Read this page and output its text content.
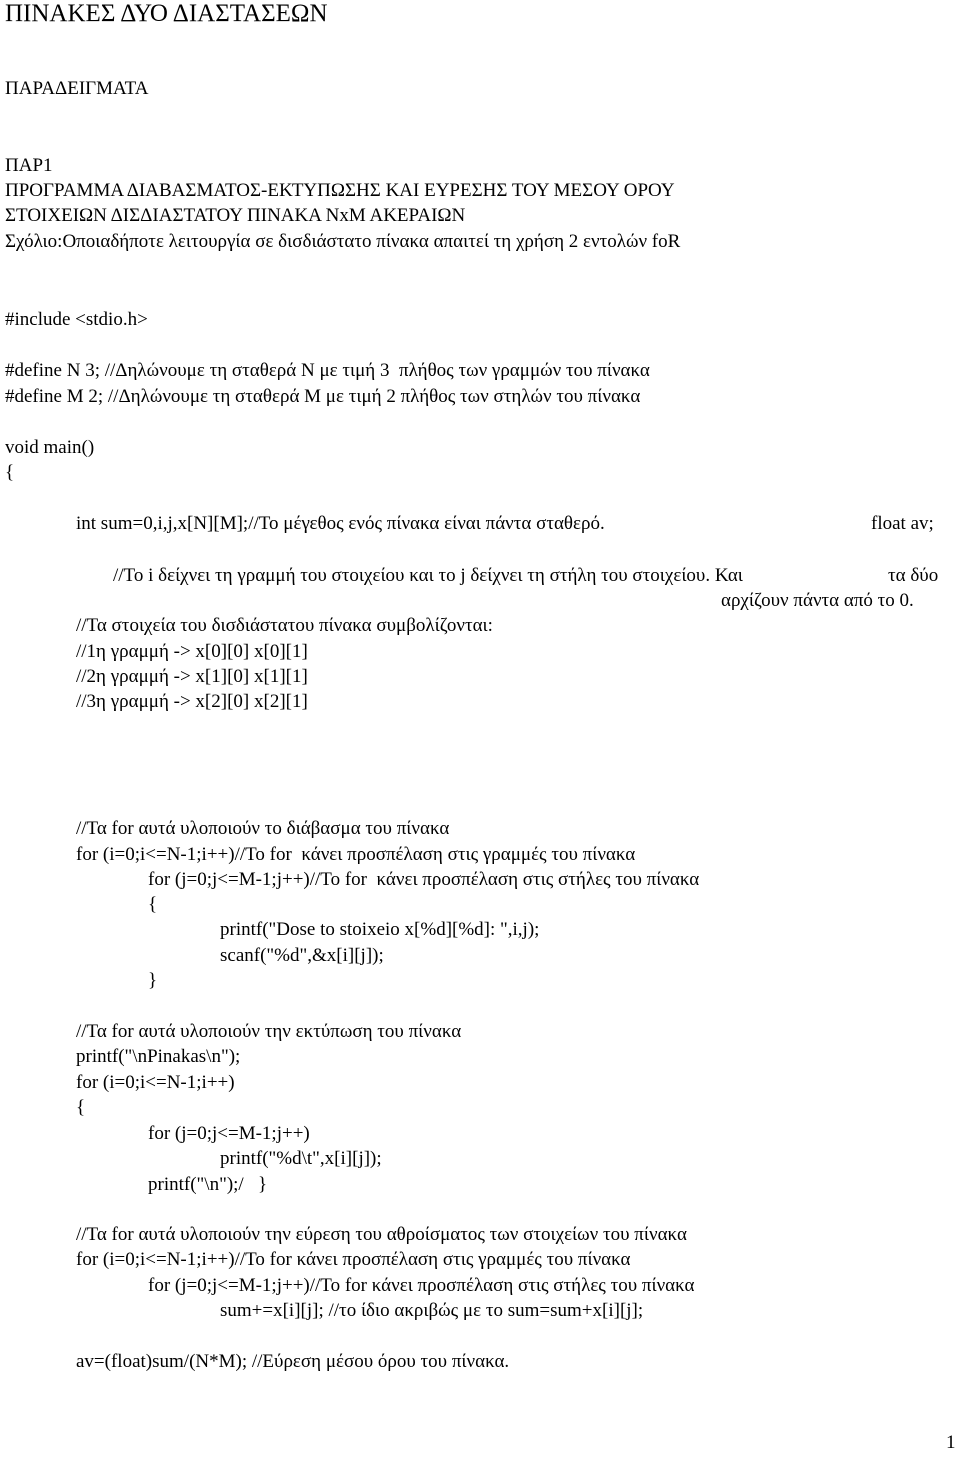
ΠΙΝΑΚΕΣ ΔΥΟ ΔΙΑΣΤΑΣΕΩΝ
ΠΑΡΑΔΕΙΓΜΑΤΑ
ΠΑΡ1
ΠΡΟΓΡΑΜΜΑ ΔΙΑΒΑΣΜΑΤΟΣ-ΕΚΤΥΠΩΣΗΣ ΚΑΙ ΕΥΡΕΣΗΣ ΤΟΥ ΜΕΣΟΥ ΟΡΟΥ
ΣΤΟΙΧΕΙΩΝ ΔΙΣΔΙΑΣΤΑΤΟΥ ΠΙΝΑΚΑ ΝxΜ ΑΚΕΡΑΙΩΝ
Σχόλιο:Οποιαδήποτε λειτουργία σε δισδιάστατο πίνακα απαιτεί τη χρήση 2 εντολών foR
#include <stdio.h>
#define N 3; //Δηλώνουμε τη σταθερά Ν με τιμή 3  πλήθος των γραμμών του πίνακα
#define M 2; //Δηλώνουμε τη σταθερά Μ με τιμή 2 πλήθος των στηλών του πίνακα
void main()
{
int sum=0,i,j,x[N][M];//Το μέγεθος ενός πίνακα είναι πάντα σταθερό.	float av;
//Το i δείχνει τη γραμμή του στοιχείου και το j δείχνει τη στήλη του στοιχείου. Και	τα δύο
αρχίζουν πάντα από το 0.
//Τα στοιχεία του δισδιάστατου πίνακα συμβολίζονται:
//1η γραμμή -> x[0][0] x[0][1]
//2η γραμμή -> x[1][0] x[1][1]
//3η γραμμή -> x[2][0] x[2][1]
//Τα for αυτά υλοποιούν το διάβασμα του πίνακα
for (i=0;i<=N-1;i++)//Το for  κάνει προσπέλαση στις γραμμές του πίνακα
for (j=0;j<=M-1;j++)//Το for  κάνει προσπέλαση στις στήλες του πίνακα
{
printf("Dose to stoixeio x[%d][%d]: ",i,j);
scanf("%d",&x[i][j]);
}
//Τα for αυτά υλοποιούν την εκτύπωση του πίνακα
printf("\nPinakas\n");
for (i=0;i<=N-1;i++)
{
for (j=0;j<=M-1;j++)
printf("%d\t",x[i][j]);
printf("\n");/   }
//Τα for αυτά υλοποιούν την εύρεση του αθροίσματος των στοιχείων του πίνακα
for (i=0;i<=N-1;i++)//Το for κάνει προσπέλαση στις γραμμές του πίνακα
for (j=0;j<=M-1;j++)//Το for κάνει προσπέλαση στις στήλες του πίνακα
sum+=x[i][j]; //το ίδιο ακριβώς με το sum=sum+x[i][j];
av=(float)sum/(N*M); //Εύρεση μέσου όρου του πίνακα.
1
